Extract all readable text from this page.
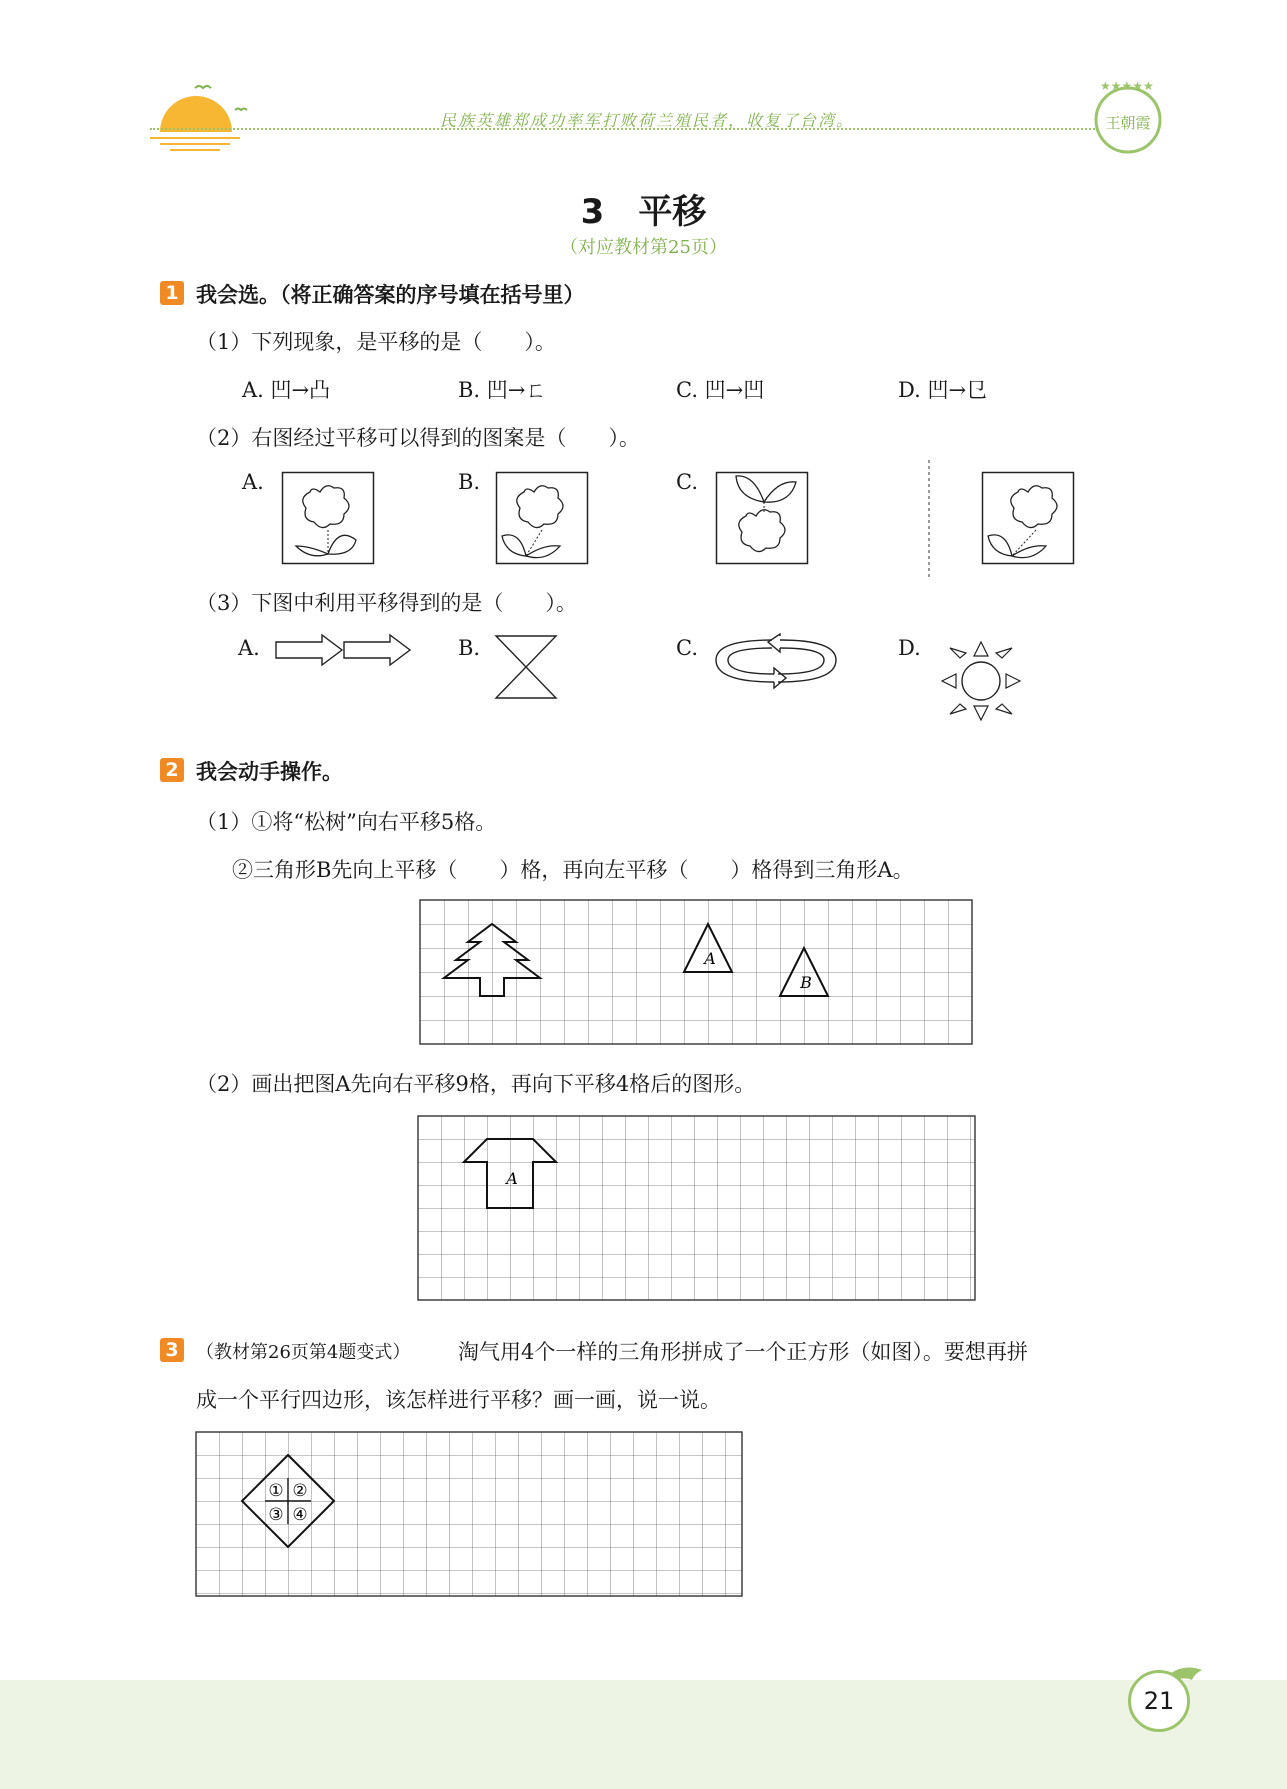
民族英雄郑成功率军打败荷兰殖民者，收复了台湾。
★★★★★
王朝霞
3　平移
（对应教材第25页）
1 我会选。（将正确答案的序号填在括号里）
（1）下列现象，是平移的是（　　）。
A. 凹→凸	B. 凹→ㄈ	C. 凹→凹	D. 凹→㔾
（2）右图经过平移可以得到的图案是（　　）。
A.	B.	C.
（3）下图中利用平移得到的是（　　）。
A.	B.	C.	D.
2 我会动手操作。
（1）①将“松树”向右平移5格。
②三角形B先向上平移（　　）格，再向左平移（　　）格得到三角形A。
A
B
（2）画出把图A先向右平移9格，再向下平移4格后的图形。
A
3 （教材第26页第4题变式） 淘气用4个一样的三角形拼成了一个正方形（如图）。要想再拼
成一个平行四边形，该怎样进行平移？画一画，说一说。
① ②
③ ④
21
